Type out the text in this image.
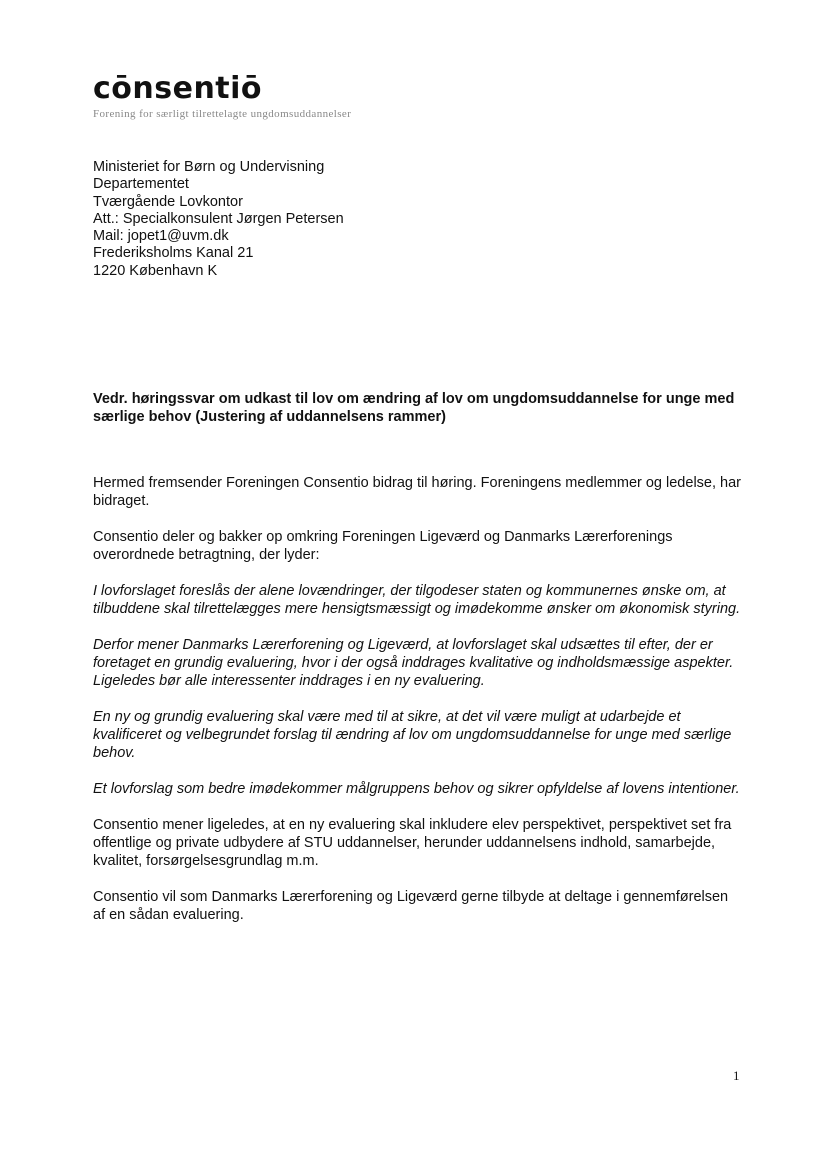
cōnsentiō
Forening for særligt tilrettelagte ungdomsuddannelser
Ministeriet for Børn og Undervisning
Departementet
Tværgående Lovkontor
Att.: Specialkonsulent Jørgen Petersen
Mail: jopet1@uvm.dk
Frederiksholms Kanal 21
1220 København K
Vedr. høringssvar om udkast til lov om ændring af lov om ungdomsuddannelse for unge med særlige behov (Justering af uddannelsens rammer)

Hermed fremsender Foreningen Consentio bidrag til høring. Foreningens medlemmer og ledelse, har bidraget.

Consentio deler og bakker op omkring Foreningen Ligeværd og Danmarks Lærerforenings overordnede betragtning, der lyder:

I lovforslaget foreslås der alene lovændringer, der tilgodeser staten og kommunernes ønske om, at tilbuddene skal tilrettelægges mere hensigtsmæssigt og imødekomme ønsker om økonomisk styring.

Derfor mener Danmarks Lærerforening og Ligeværd, at lovforslaget skal udsættes til efter, der er foretaget en grundig evaluering, hvor i der også inddrages kvalitative og indholdsmæssige aspekter. Ligeledes bør alle interessenter inddrages i en ny evaluering.

En ny og grundig evaluering skal være med til at sikre, at det vil være muligt at udarbejde et kvalificeret og velbegrundet forslag til ændring af lov om ungdomsuddannelse for unge med særlige behov.

Et lovforslag som bedre imødekommer målgruppens behov og sikrer opfyldelse af lovens intentioner.

Consentio mener ligeledes, at en ny evaluering skal inkludere elev perspektivet, perspektivet set fra offentlige og private udbydere af STU uddannelser, herunder uddannelsens indhold, samarbejde, kvalitet, forsørgelsesgrundlag m.m.

Consentio vil som Danmarks Lærerforening og Ligeværd gerne tilbyde at deltage i gennemførelsen af en sådan evaluering.

1
